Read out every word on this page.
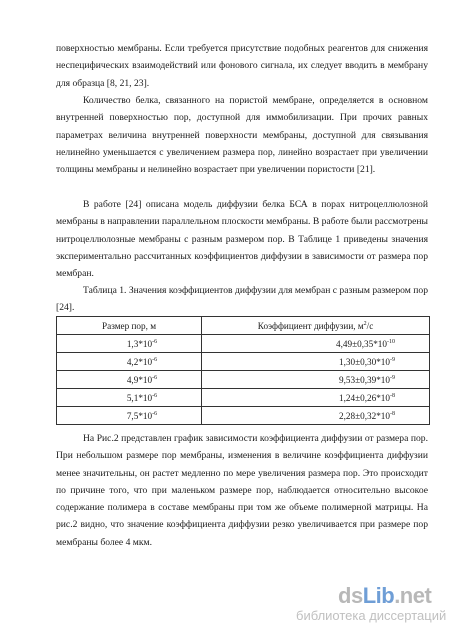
поверхностью мембраны. Если требуется присутствие подобных реагентов для снижения неспецифических взаимодействий или фонового сигнала, их следует вводить в мембрану для образца [8, 21, 23].
Количество белка, связанного на пористой мембране, определяется в основном внутренней поверхностью пор, доступной для иммобилизации. При прочих равных параметрах величина внутренней поверхности мембраны, доступной для связывания нелинейно уменьшается с увеличением размера пор, линейно возрастает при увеличении толщины мембраны и нелинейно возрастает при увеличении пористости [21].
В работе [24] описана модель диффузии белка БСА в порах нитроцеллюлозной мембраны в направлении параллельном плоскости мембраны. В работе были рассмотрены нитроцеллюлозные мембраны с разным размером пор. В Таблице 1 приведены значения экспериментально рассчитанных коэффициентов диффузии в зависимости от размера пор мембран.
Таблица 1. Значения коэффициентов диффузии для мембран с разным размером пор [24].
Размер пор, м	Коэффициент диффузии, $м^2/с$
$1,3*10^{-6}$	$4,49\pm 0,35*10^{-10}$
$4,2*10^{-6}$	$1,30\pm 0,30*10^{-9}$
$4,9*10^{-6}$	$9,53\pm 0,39*10^{-9}$
$5,1*10^{-6}$	$1,24\pm 0,26*10^{-8}$
$7,5*10^{-6}$	$2,28\pm 0,32*10^{-8}$
На Рис.2 представлен график зависимости коэффициента диффузии от размера пор. При небольшом размере пор мембраны, изменения в величине коэффициента диффузии менее значительны, он растет медленно по мере увеличения размера пор. Это происходит по причине того, что при маленьком размере пор, наблюдается относительно высокое содержание полимера в составе мембраны при том же объеме полимерной матрицы. На рис.2 видно, что значение коэффициента диффузии резко увеличивается при размере пор мембраны более 4 мкм.
dsLib.net
библиотека диссертаций
